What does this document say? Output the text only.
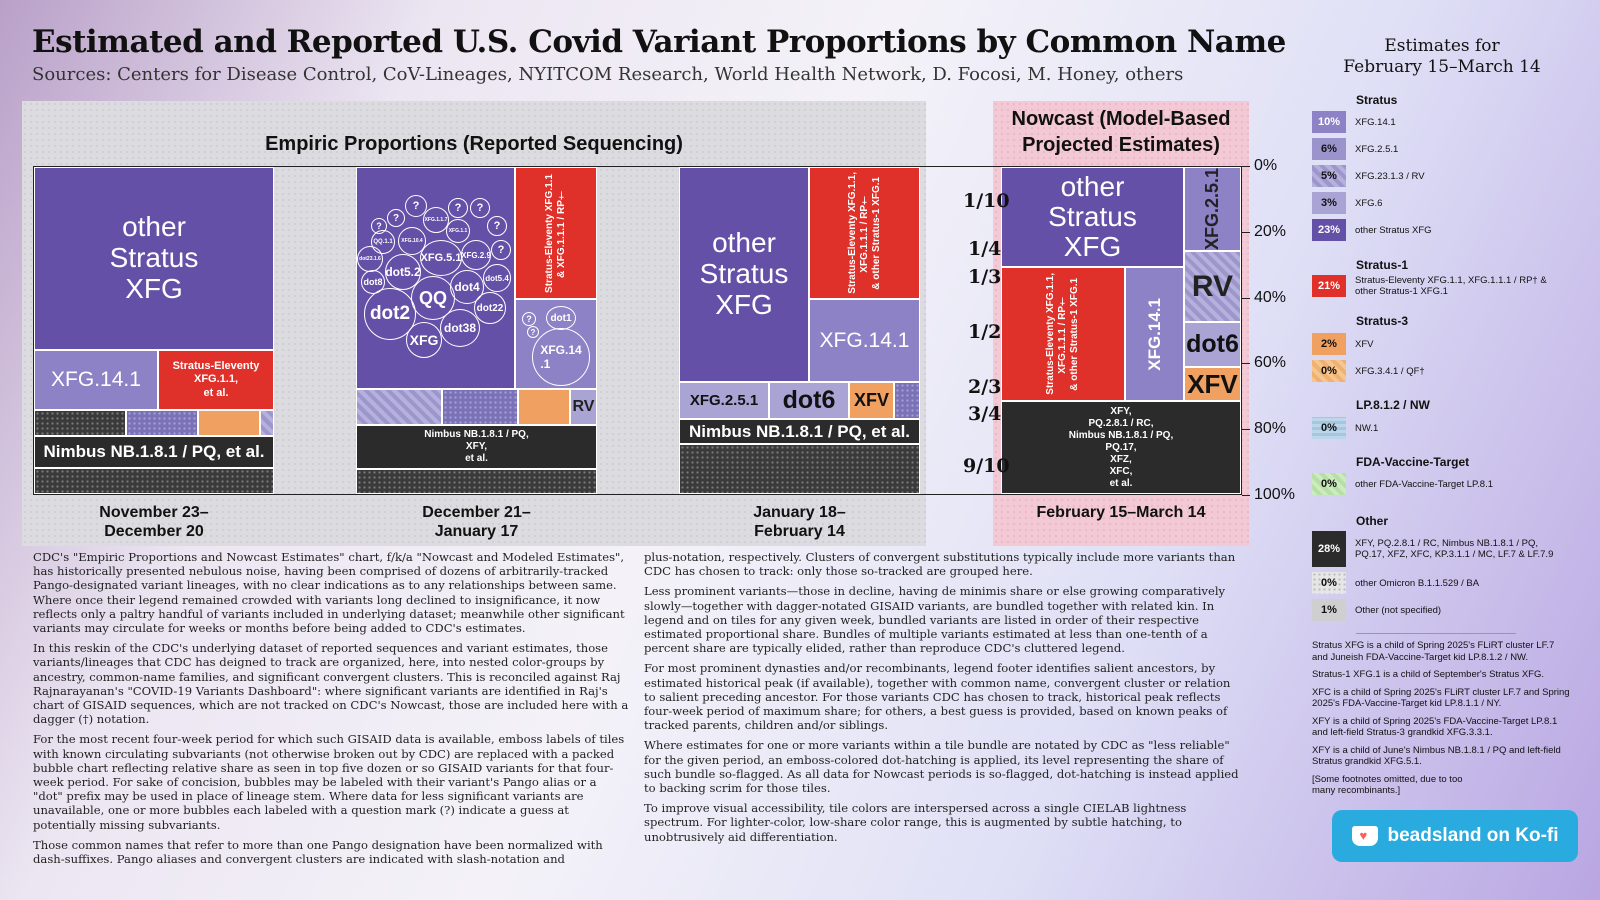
Estimated and Reported U.S. Covid Variant Proportions by Common Name
Sources: Centers for Disease Control, CoV-Lineages, NYITCOM Research, World Health Network, D. Focosi, M. Honey, others
Empiric Proportions (Reported Sequencing)
Nowcast (Model-Based Projected Estimates)
other
Stratus
XFG
XFG.14.1
Stratus-Eleventy
XFG.1.1,
et al.
Nimbus NB.1.8.1 / PQ, et al.
Stratus-Eleventy XFG.1.1
& XFG.1.1.1 / RP†
RV
Nimbus NB.1.8.1 / PQ,
XFY,
et al.
?	?	?
?
?
?
?
XFG.1.1.7
QQ.1.1	XFG.10.4
XFG.1.1
XFG.5.1 XFG.2.9
dot23.1.6
dot5.2
dot4
dot5.4
dot8
dot2
QQ
dot22
dot38
XFG
?
?
dot1
XFG.14
.1
other
Stratus
XFG
Stratus-Eleventy XFG.1.1,
XFG.1.1.1 / RP†
& other Stratus-1 XFG.1
XFG.14.1
XFG.2.5.1 dot6	XFV
Nimbus NB.1.8.1 / PQ, et al.
other
Stratus
XFG	XFG.2.5.1
RV
Stratus-Eleventy XFG.1.1,
XFG.1.1.1 / RP†
& other Stratus-1 XFG.1
XFG.14.1 dot6
XFV
XFY,
PQ.2.8.1 / RC,
Nimbus NB.1.8.1 / PQ,
PQ.17,
XFZ,
XFC,
et al.
0%
20%
40%
60%
80%
100%
1/10
1/4
1/3
1/2
2/3
3/4
9/10
November 23–
December 20
December 21–
January 17
January 18–
February 14
February 15–March 14

CDC's "Empiric Proportions and Nowcast Estimates" chart, f/k/a "Nowcast and Modeled Estimates", has historically presented nebulous noise, having been comprised of dozens of arbitrarily-tracked Pango-designated variant lineages, with no clear indications as to any relationships between same. Where once their legend remained crowded with variants long declined to insignificance, it now reflects only a paltry handful of variants included in underlying dataset; meanwhile other significant variants may circulate for weeks or months before being added to CDC's estimates.

In this reskin of the CDC's underlying dataset of reported sequences and variant estimates, those variants/lineages that CDC has deigned to track are organized, here, into nested color-groups by ancestry, common-name families, and significant convergent clusters. This is reconciled against Raj Rajnarayanan's "COVID-19 Variants Dashboard": where significant variants are identified in Raj's chart of GISAID sequences, which are not tracked on CDC's Nowcast, those are included here with a dagger (†) notation.

For the most recent four-week period for which such GISAID data is available, emboss labels of tiles with known circulating subvariants (not otherwise broken out by CDC) are replaced with a packed bubble chart reflecting relative share as seen in top five dozen or so GISAID variants for that four-week period. For sake of concision, bubbles may be labeled with their variant's Pango alias or a "dot" prefix may be used in place of lineage stem. Where data for less significant variants are unavailable, one or more bubbles each labeled with a question mark (?) indicate a guess at potentially missing subvariants.

Those common names that refer to more than one Pango designation have been normalized with dash-suffixes. Pango aliases and convergent clusters are indicated with slash-notation and

plus-notation, respectively. Clusters of convergent substitutions typically include more variants than CDC has chosen to track: only those so-tracked are grouped here.

Less prominent variants—those in decline, having de minimis share or else growing comparatively slowly—together with dagger-notated GISAID variants, are bundled together with related kin. In legend and on tiles for any given week, bundled variants are listed in order of their respective estimated proportional share. Bundles of multiple variants estimated at less than one-tenth of a percent share are typically elided, rather than reproduce CDC's cluttered legend.

For most prominent dynasties and/or recombinants, legend footer identifies salient ancestors, by estimated historical peak (if available), together with common name, convergent cluster or relation to salient preceding ancestor. For those variants CDC has chosen to track, historical peak reflects four-week period of maximum share; for others, a best guess is provided, based on known peaks of tracked parents, children and/or siblings.

Where estimates for one or more variants within a tile bundle are notated by CDC as "less reliable" for the given period, an emboss-colored dot-hatching is applied, its level representing the share of such bundle so-flagged. As all data for Nowcast periods is so-flagged, dot-hatching is instead applied to backing scrim for those tiles.

To improve visual accessibility, tile colors are interspersed across a single CIELAB lightness spectrum. For lighter-color, low-share color range, this is augmented by subtle hatching, to unobtrusively aid differentiation.

Estimates for
February 15–March 14
Stratus
10%	XFG.14.1
6%	XFG.2.5.1
5%	XFG.23.1.3 / RV
3%	XFG.6
23%	other Stratus XFG
Stratus-1
21%	Stratus-Eleventy XFG.1.1, XFG.1.1.1 / RP† & other Stratus-1 XFG.1
Stratus-3
2%	XFV
0%	XFG.3.4.1 / QF†
LP.8.1.2 / NW
0%	NW.1
FDA-Vaccine-Target
0%	other FDA-Vaccine-Target LP.8.1
Other
28%	XFY, PQ.2.8.1 / RC, Nimbus NB.1.8.1 / PQ, PQ.17, XFZ, XFC, KP.3.1.1 / MC, LF.7 & LF.7.9
0%	other Omicron B.1.1.529 / BA
1%	Other (not specified)
Stratus XFG is a child of Spring 2025's FLiRT cluster LF.7 and Juneish FDA-Vaccine-Target kid LP.8.1.2 / NW.
Stratus-1 XFG.1 is a child of September's Stratus XFG.
XFC is a child of Spring 2025's FLiRT cluster LF.7 and Spring 2025's FDA-Vaccine-Target kid LP.8.1.1 / NY.
XFY is a child of Spring 2025's FDA-Vaccine-Target LP.8.1 and left-field Stratus-3 grandkid XFG.3.3.1.
XFY is a child of June's Nimbus NB.1.8.1 / PQ and left-field Stratus grandkid XFG.5.1.
[Some footnotes omitted, due to too many recombinants.]
♥ beadsland on Ko-fi
